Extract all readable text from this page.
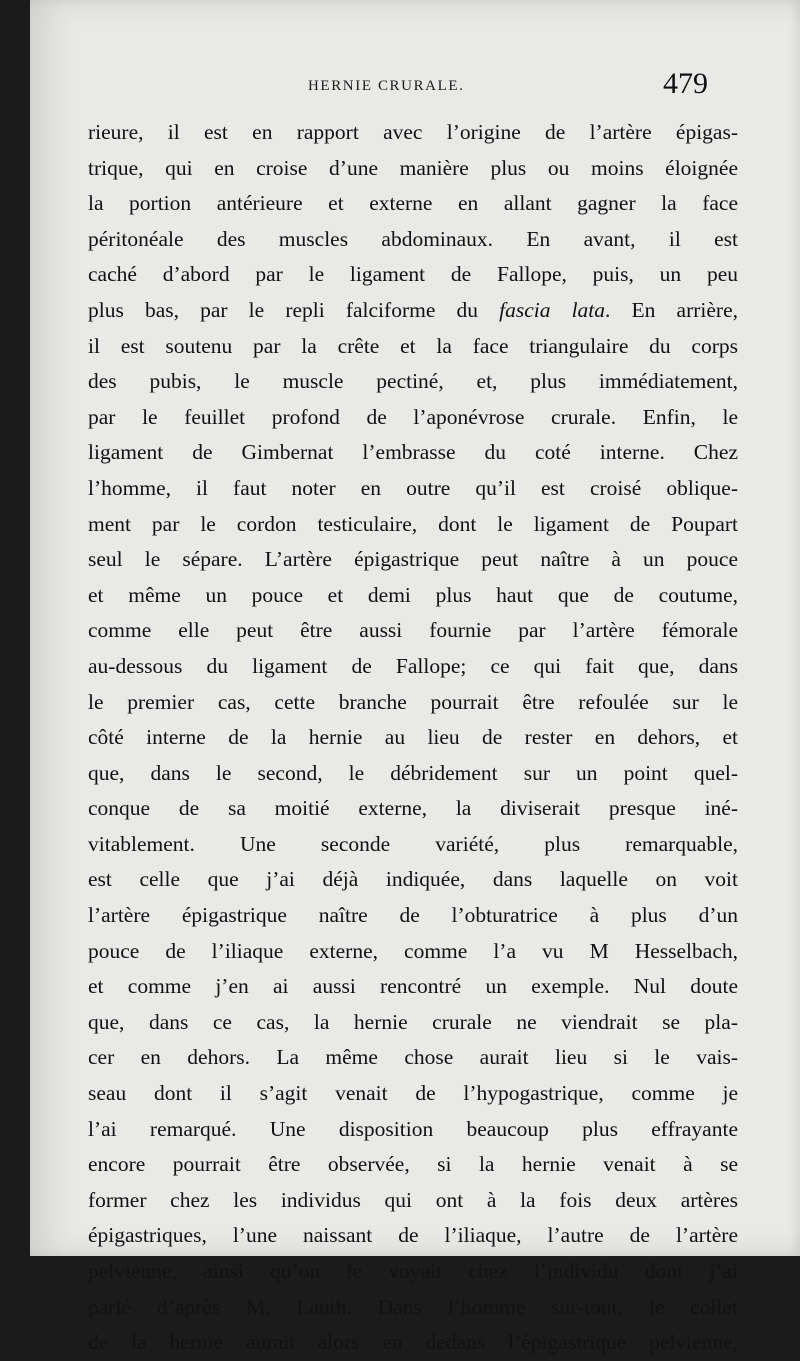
HERNIE CRURALE.	479
rieure, il est en rapport avec l’origine de l’artère épigas-
trique, qui en croise d’une manière plus ou moins éloignée
la portion antérieure et externe en allant gagner la face
péritonéale des muscles abdominaux. En avant, il est
caché d’abord par le ligament de Fallope, puis, un peu
plus bas, par le repli falciforme du fascia lata. En arrière,
il est soutenu par la crête et la face triangulaire du corps
des pubis, le muscle pectiné, et, plus immédiatement,
par le feuillet profond de l’aponévrose crurale. Enfin, le
ligament de Gimbernat l’embrasse du coté interne. Chez
l’homme, il faut noter en outre qu’il est croisé oblique-
ment par le cordon testiculaire, dont le ligament de Poupart
seul le sépare. L’artère épigastrique peut naître à un pouce
et même un pouce et demi plus haut que de coutume,
comme elle peut être aussi fournie par l’artère fémorale
au-dessous du ligament de Fallope; ce qui fait que, dans
le premier cas, cette branche pourrait être refoulée sur le
côté interne de la hernie au lieu de rester en dehors, et
que, dans le second, le débridement sur un point quel-
conque de sa moitié externe, la diviserait presque iné-
vitablement. Une seconde variété, plus remarquable,
est celle que j’ai déjà indiquée, dans laquelle on voit
l’artère épigastrique naître de l’obturatrice à plus d’un
pouce de l’iliaque externe, comme l’a vu M Hesselbach,
et comme j’en ai aussi rencontré un exemple. Nul doute
que, dans ce cas, la hernie crurale ne viendrait se pla-
cer en dehors. La même chose aurait lieu si le vais-
seau dont il s’agit venait de l’hypogastrique, comme je
l’ai remarqué. Une disposition beaucoup plus effrayante
encore pourrait être observée, si la hernie venait à se
former chez les individus qui ont à la fois deux artères
épigastriques, l’une naissant de l’iliaque, l’autre de l’artère
pelvienne, ainsi qu’on le voyait chez l’individu dont j’ai
parlé d’après M. Lauth. Dans l’homme sur-tout, le collet
de la hernie aurait alors en dedans l’épigastrique pelvienne,
